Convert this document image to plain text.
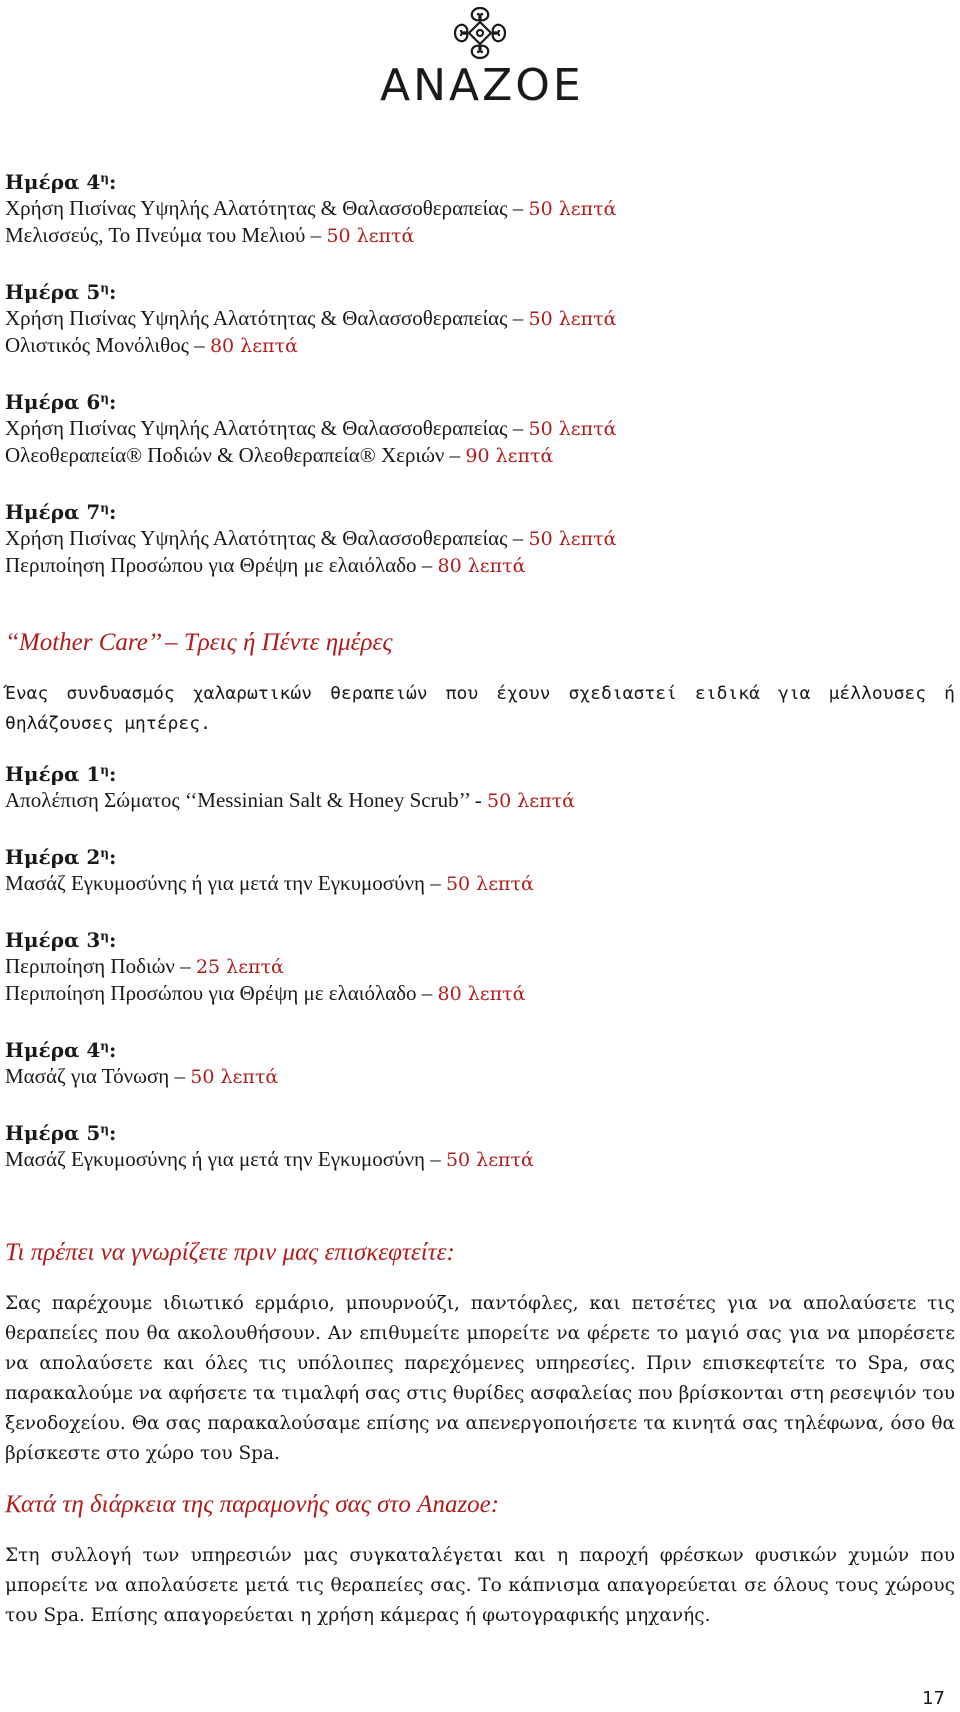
ANAZOE
Ημέρα $4^\eta$:
Χρήση Πισίνας Υψηλής Αλατότητας & Θαλασσοθεραπείας – 50 λεπτά
Μελισσεύς, Το Πνεύμα του Μελιού – 50 λεπτά
Ημέρα $5^\eta$:
Χρήση Πισίνας Υψηλής Αλατότητας & Θαλασσοθεραπείας – 50 λεπτά
Ολιστικός Μονόλιθος – 80 λεπτά
Ημέρα $6^\eta$:
Χρήση Πισίνας Υψηλής Αλατότητας & Θαλασσοθεραπείας – 50 λεπτά
Ολεοθεραπεία® Ποδιών & Ολεοθεραπεία® Χεριών – 90 λεπτά
Ημέρα $7^\eta$:
Χρήση Πισίνας Υψηλής Αλατότητας & Θαλασσοθεραπείας – 50 λεπτά
Περιποίηση Προσώπου για Θρέψη με ελαιόλαδο – 80 λεπτά
‘‘Mother Care’’ – Τρεις ή Πέντε ημέρες

Ένας συνδυασμός χαλαρωτικών θεραπειών που έχουν σχεδιαστεί ειδικά για μέλλουσες ή θηλάζουσες μητέρες.

Ημέρα $1^\eta$:
Απολέπιση Σώματος ‘‘Messinian Salt & Honey Scrub’’ - 50 λεπτά
Ημέρα $2^\eta$:
Μασάζ Εγκυμοσύνης ή για μετά την Εγκυμοσύνη – 50 λεπτά
Ημέρα $3^\eta$:
Περιποίηση Ποδιών – 25 λεπτά
Περιποίηση Προσώπου για Θρέψη με ελαιόλαδο – 80 λεπτά
Ημέρα $4^\eta$:
Μασάζ για Τόνωση – 50 λεπτά
Ημέρα $5^\eta$:
Μασάζ Εγκυμοσύνης ή για μετά την Εγκυμοσύνη – 50 λεπτά
Τι πρέπει να γνωρίζετε πριν μας επισκεφτείτε:

Σας παρέχουμε ιδιωτικό ερμάριο, μπουρνούζι, παντόφλες, και πετσέτες για να απολαύσετε τις θεραπείες που θα ακολουθήσουν. Αν επιθυμείτε μπορείτε να φέρετε το μαγιό σας για να μπορέσετε να απολαύσετε και όλες τις υπόλοιπες παρεχόμενες υπηρεσίες. Πριν επισκεφτείτε το Spa, σας παρακαλούμε να αφήσετε τα τιμαλφή σας στις θυρίδες ασφαλείας που βρίσκονται στη ρεσεψιόν του ξενοδοχείου. Θα σας παρακαλούσαμε επίσης να απενεργοποιήσετε τα κινητά σας τηλέφωνα, όσο θα βρίσκεστε στο χώρο του Spa.

Κατά τη διάρκεια της παραμονής σας στο Anazoe:

Στη συλλογή των υπηρεσιών μας συγκαταλέγεται και η παροχή φρέσκων φυσικών χυμών που μπορείτε να απολαύσετε μετά τις θεραπείες σας. Το κάπνισμα απαγορεύεται σε όλους τους χώρους του Spa. Επίσης απαγορεύεται η χρήση κάμερας ή φωτογραφικής μηχανής.

17
